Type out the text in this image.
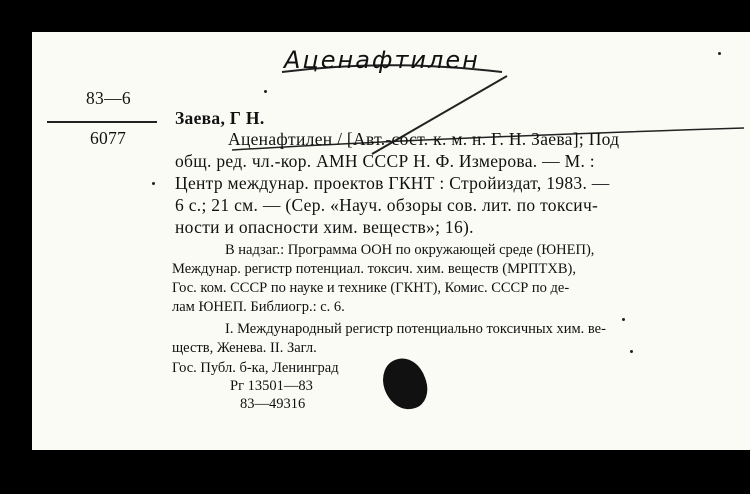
Аценафтилен
83—6
6077
Заева, Г Н.
Аценафтилен / [Авт.-сост. к. м. н. Г. Н. Заева]; Под
общ. ред. чл.-кор. АМН СССР Н. Ф. Измерова. — М. :
Центр междунар. проектов ГКНТ : Стройиздат, 1983. —
6 с.; 21 см. — (Сер. «Науч. обзоры сов. лит. по токсич-
ности и опасности хим. веществ»; 16).
В надзаг.: Программа ООН по окружающей среде (ЮНЕП),
Междунар. регистр потенциал. токсич. хим. веществ (МРПТХВ),
Гос. ком. СССР по науке и технике (ГКНТ), Комис. СССР по де-
лам ЮНЕП. Библиогр.: с. 6.
I. Международный регистр потенциально токсичных хим. ве-
ществ, Женева. II. Загл.
Гос. Публ. б-ка, Ленинград
Рг 13501—83
83—49316
